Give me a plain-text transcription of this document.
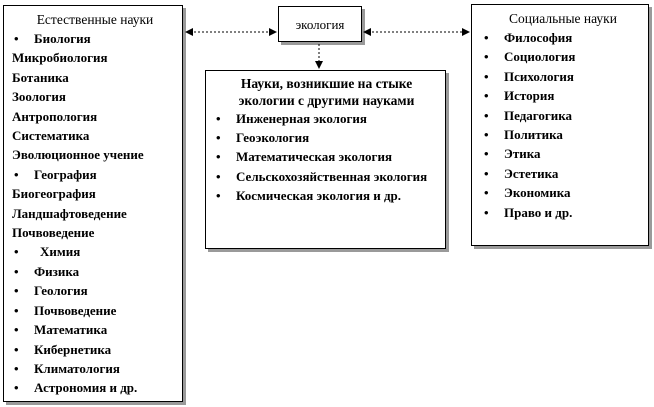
Естественные науки
• Биология
Микробиология
Ботаника
Зоология
Антропология
Систематика
Эволюционное учение
• География
Биогеография
Ландшафтоведение
Почвоведение
• Химия
• Физика
• Геология
• Почвоведение
• Математика
• Кибернетика
• Климатология
• Астрономия и др.
экология
Науки, возникшие на стыке экологии с другими науками
• Инженерная экология
• Геоэкология
• Математическая экология
• Сельскохозяйственная экология
• Космическая экология и др.
Социальные науки
• Философия
• Социология
• Психология
• История
• Педагогика
• Политика
• Этика
• Эстетика
• Экономика
• Право и др.
